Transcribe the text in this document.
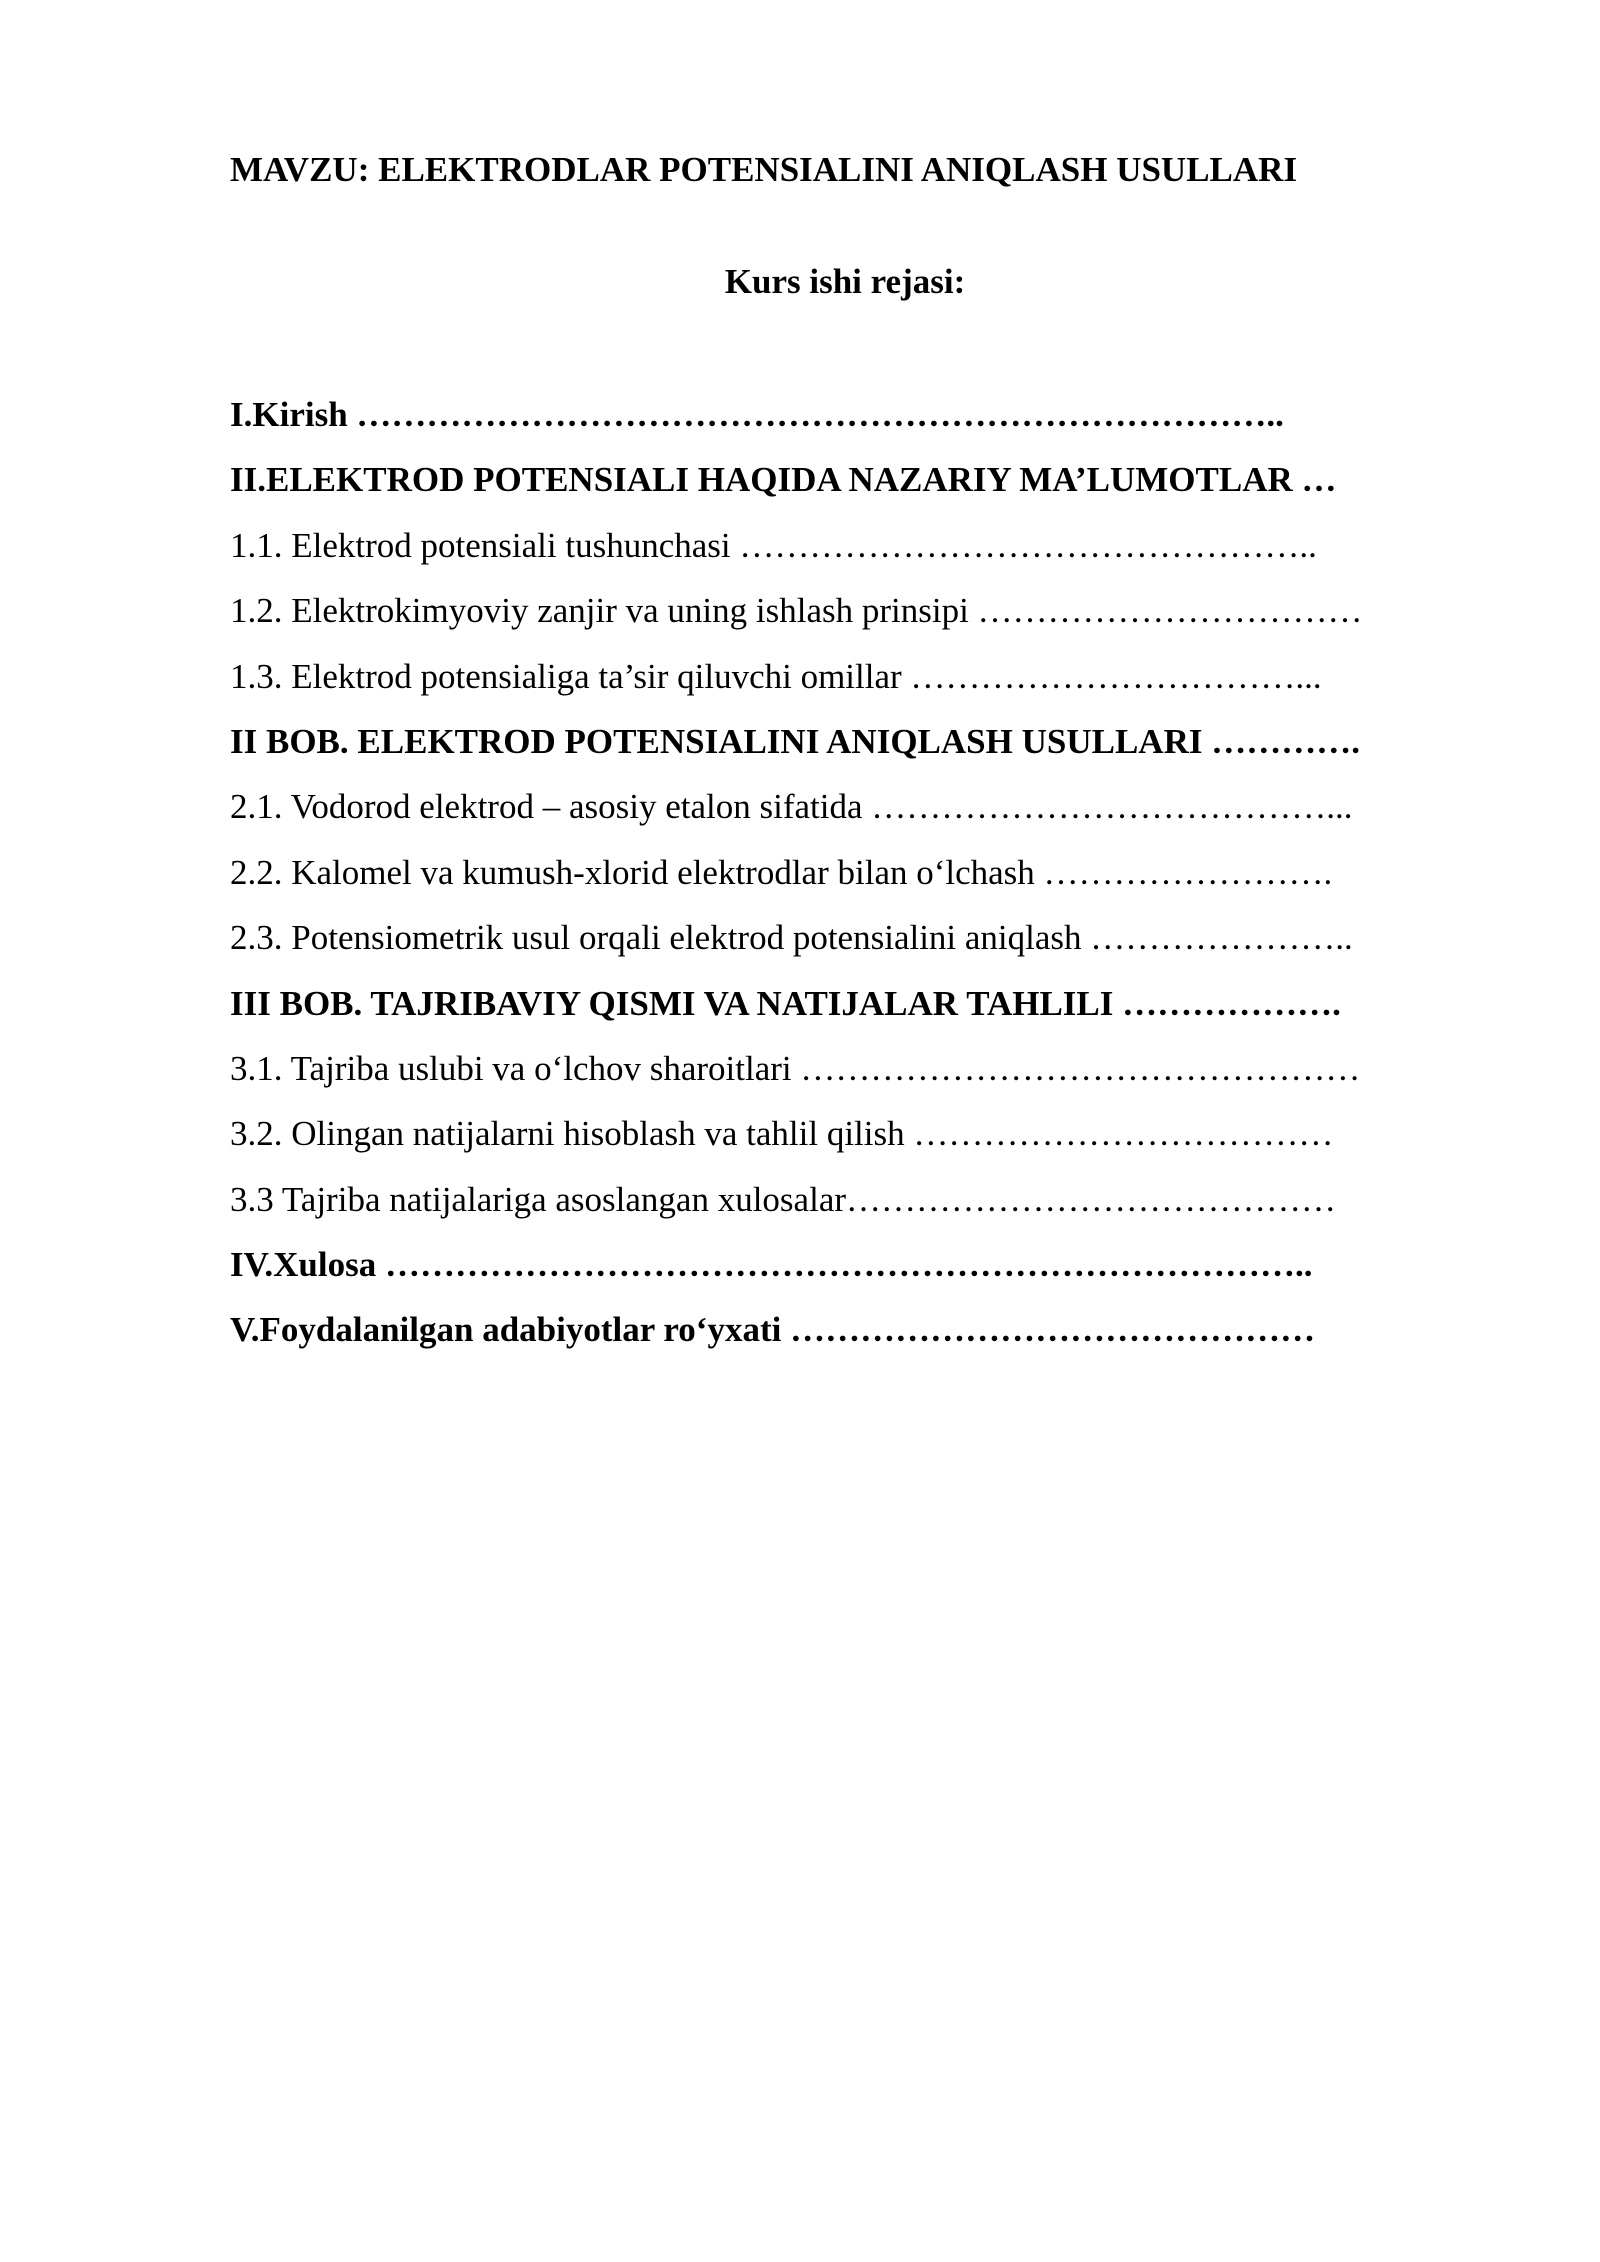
MAVZU: ELEKTRODLAR POTENSIALINI ANIQLASH USULLARI
Kurs ishi rejasi:
I.Kirish ……………………………………………………………………..
II.ELEKTROD POTENSIALI HAQIDA NAZARIY MA’LUMOTLAR …
1.1. Elektrod potensiali tushunchasi …………………………………………..
1.2. Elektrokimyoviy zanjir va uning ishlash prinsipi ……………………………
1.3. Elektrod potensialiga ta’sir qiluvchi omillar ……………………………...
II BOB. ELEKTROD POTENSIALINI ANIQLASH USULLARI ………….
2.1. Vodorod elektrod – asosiy etalon sifatida …………………………………...
2.2. Kalomel va kumush-xlorid elektrodlar bilan o‘lchash …………………….
2.3. Potensiometrik usul orqali elektrod potensialini aniqlash …………………..
III BOB. TAJRIBAVIY QISMI VA NATIJALAR TAHLILI ……………….
3.1. Tajriba uslubi va o‘lchov sharoitlari …………………………………………
3.2. Olingan natijalarni hisoblash va tahlil qilish ………………………………
3.3 Tajriba natijalariga asoslangan xulosalar……………………………………
IV.Xulosa ……………………………………………………………………..
V.Foydalanilgan adabiyotlar ro‘yxati ………………………………………
